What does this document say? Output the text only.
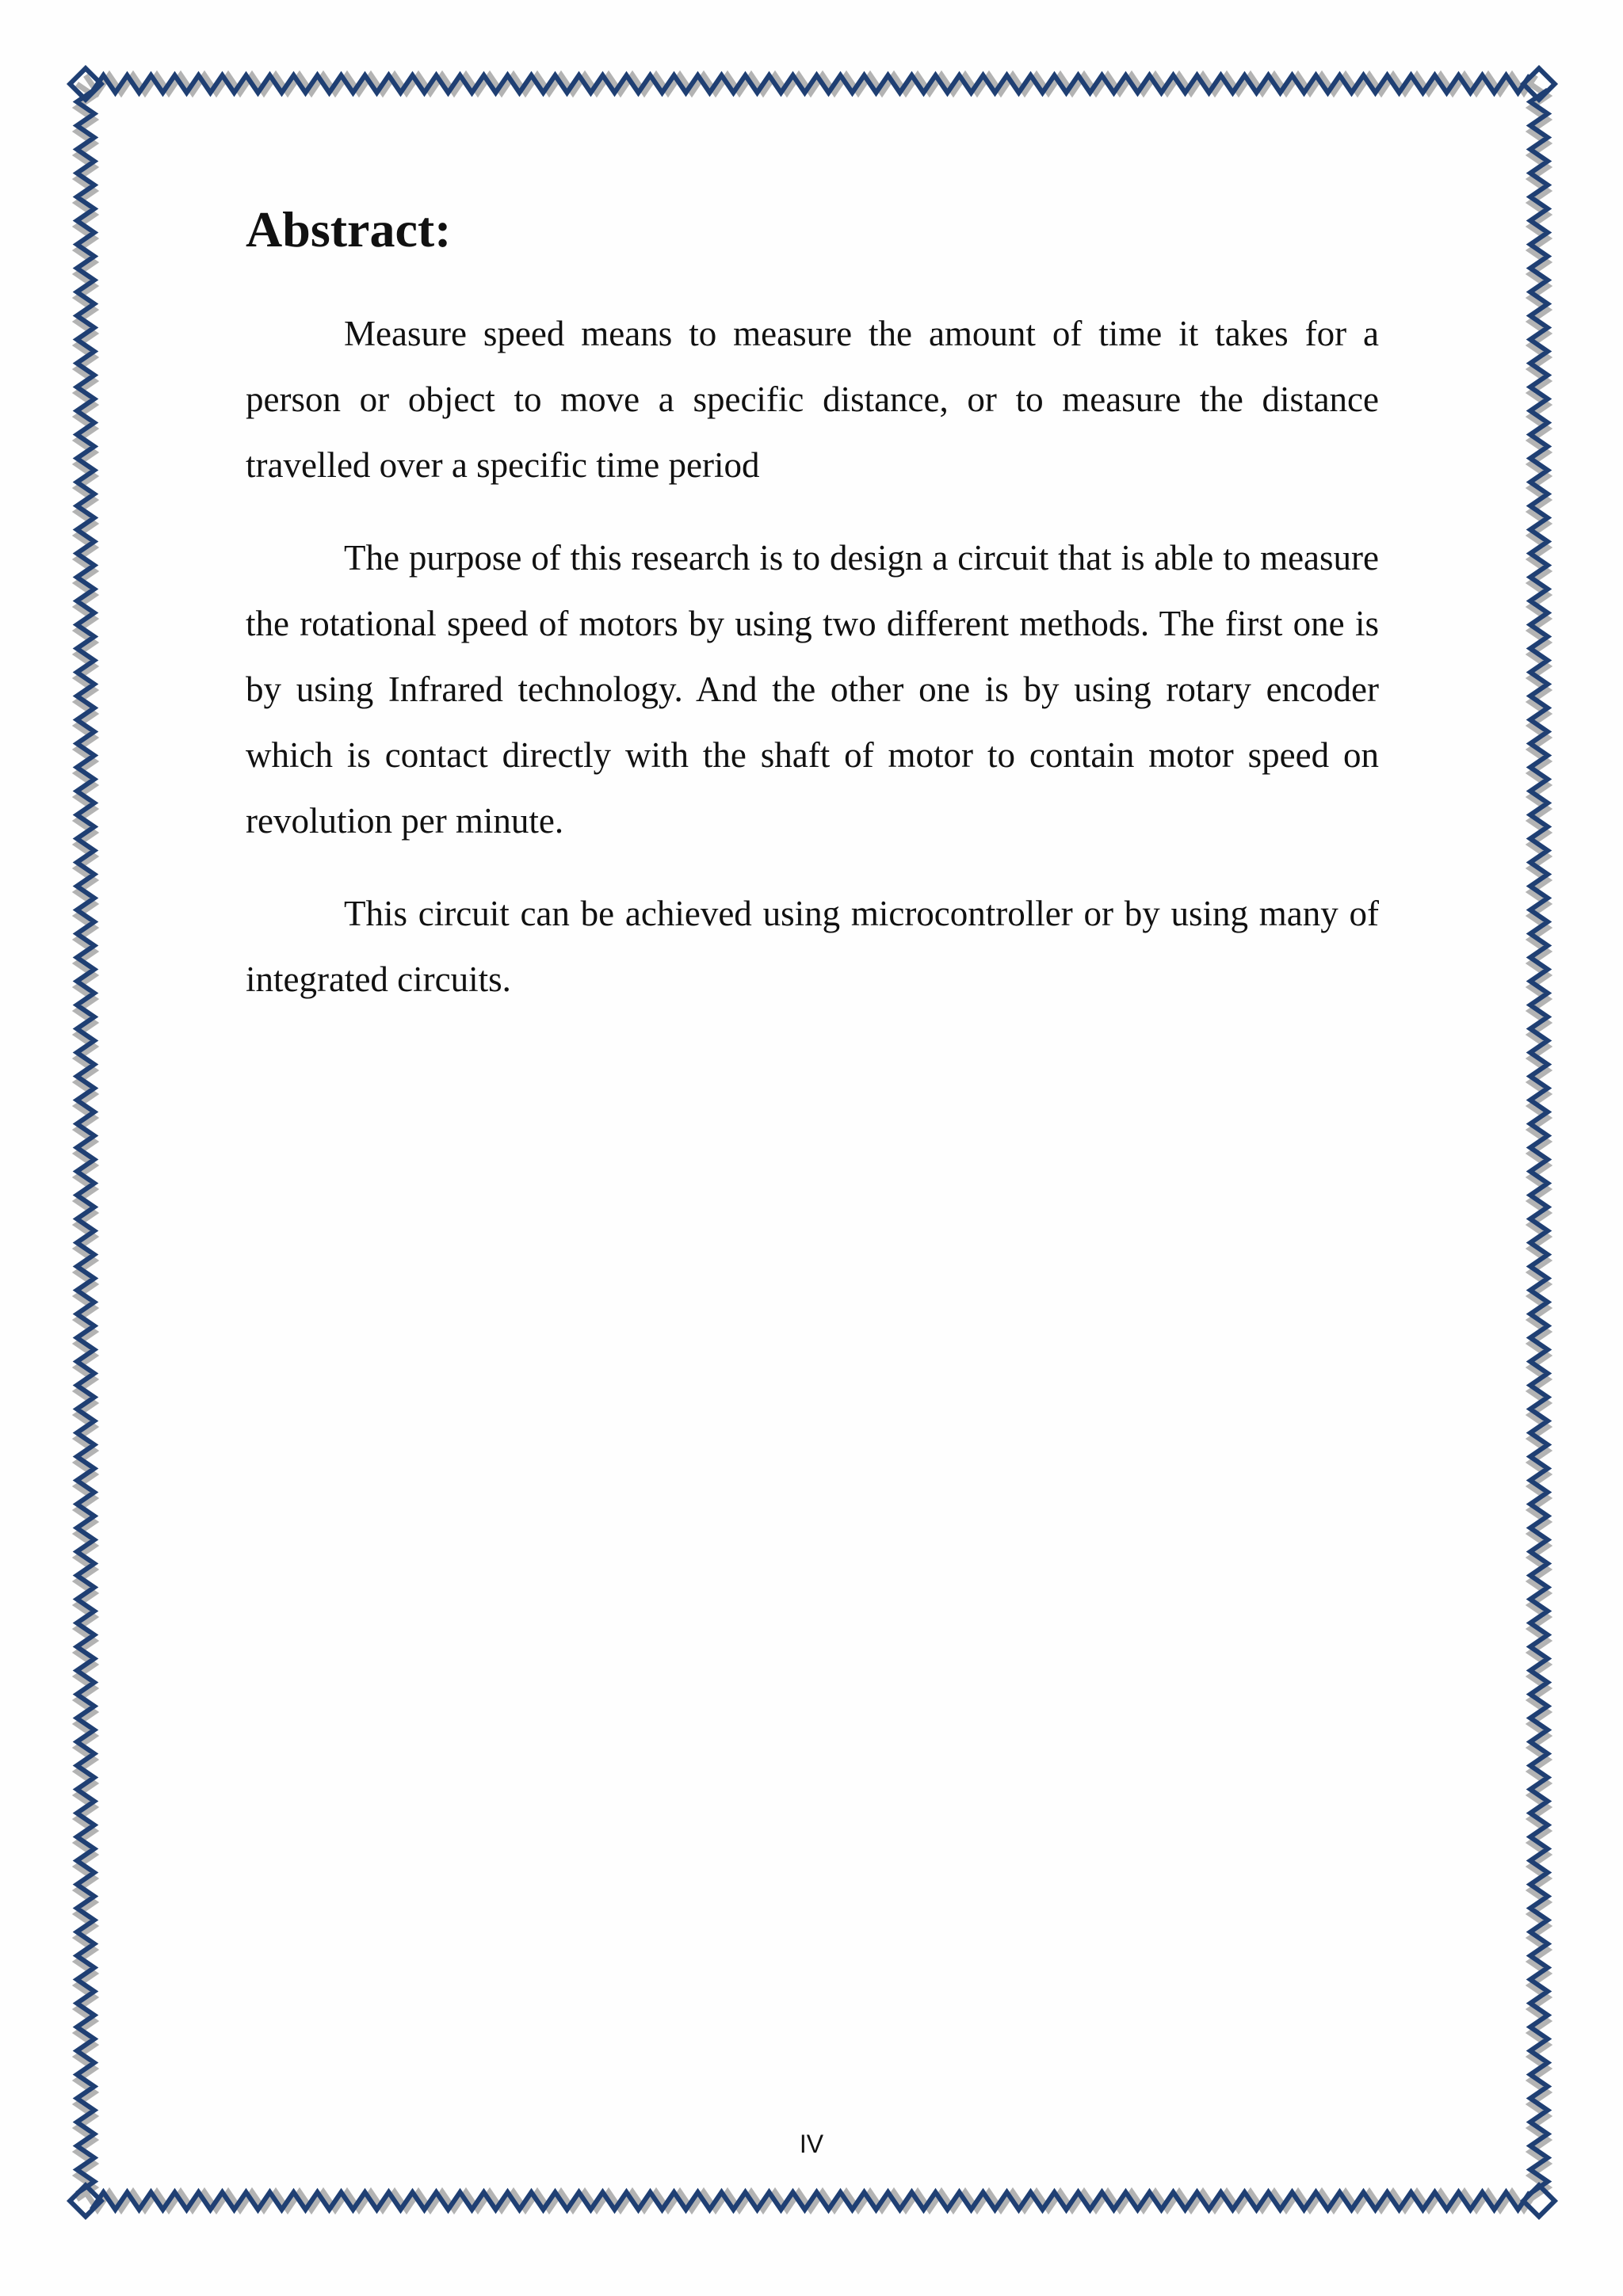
Abstract:

Measure speed means to measure the amount of time it takes for a person or object to move a specific distance, or to measure the distance travelled over a specific time period

The purpose of this research is to design a circuit that is able to measure the rotational speed of motors by using two different methods. The first one is by using Infrared technology. And the other one is by using rotary encoder which is contact directly with the shaft of motor to contain motor speed on revolution per minute.

This circuit can be achieved using microcontroller or by using many of integrated circuits.

IV
